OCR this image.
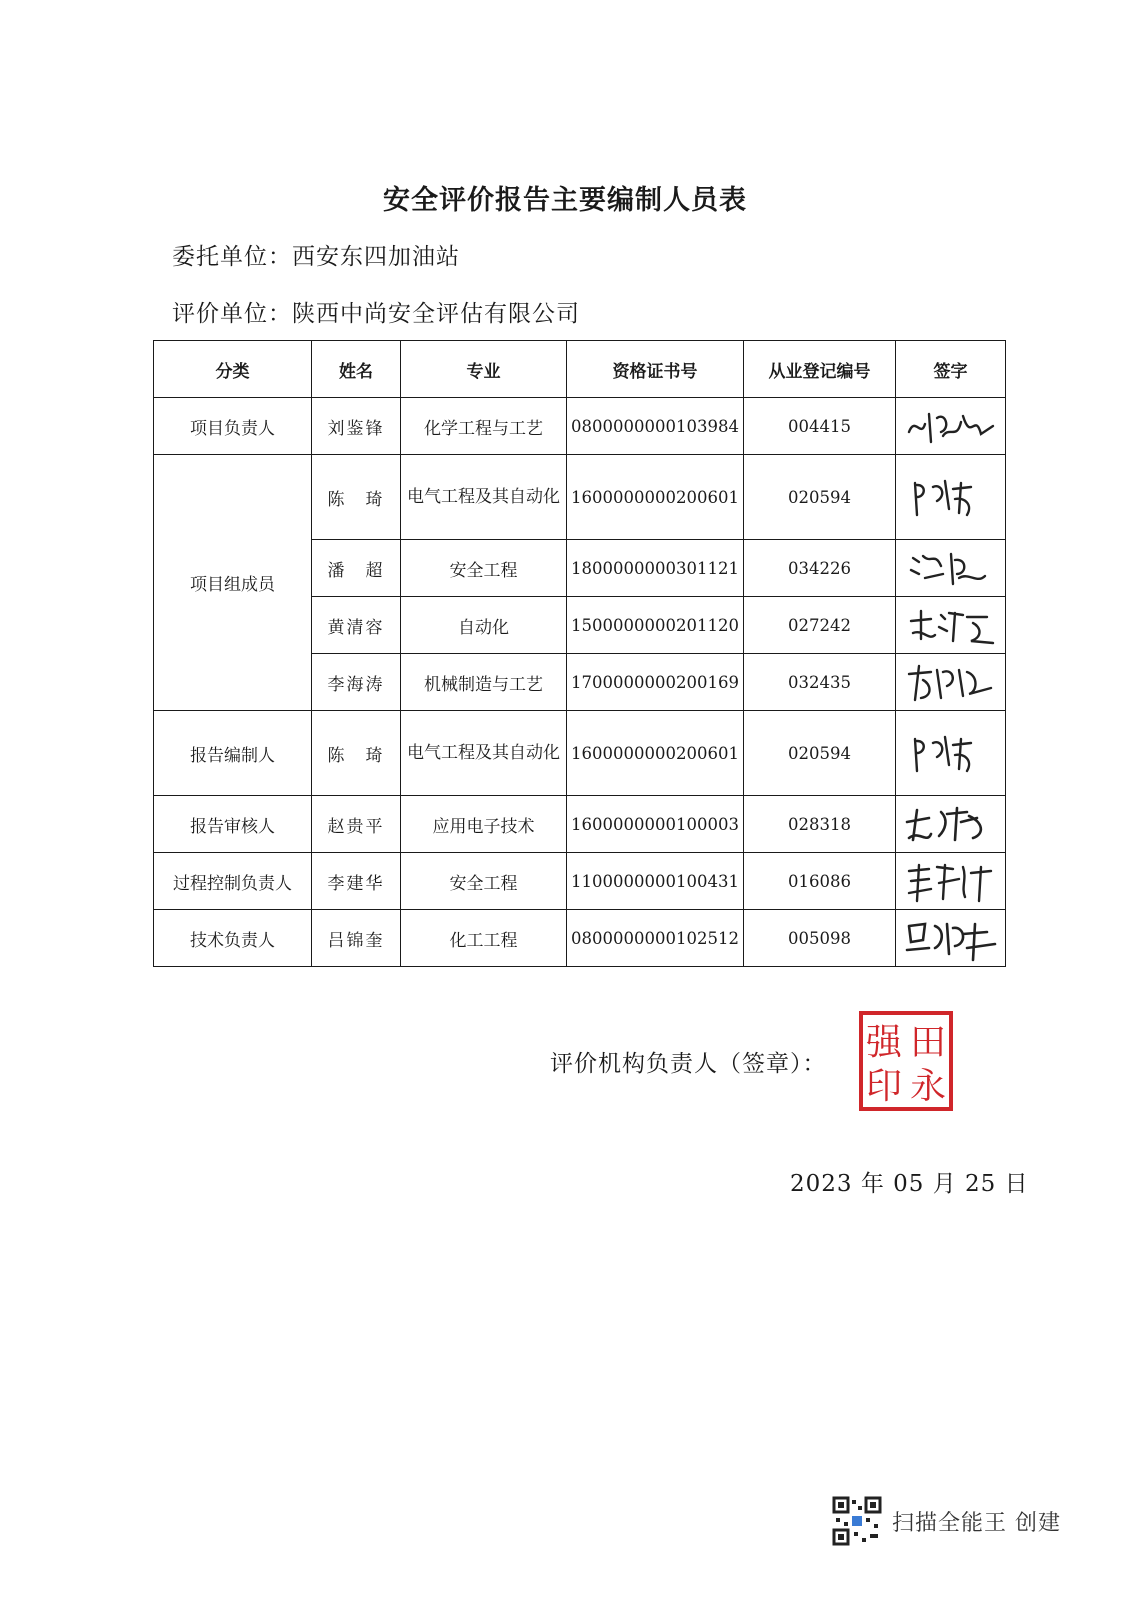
安全评价报告主要编制人员表
委托单位：西安东四加油站
评价单位：陕西中尚安全评估有限公司
分类	姓名	专业	资格证书号	从业登记编号	签字
项目负责人	刘鉴锋	化学工程与工艺	0800000000103984	004415	

项目组成员	陈　琦	电气工程及其自动化	1600000000200601	020594	

	潘　超	安全工程	1800000000301121	034226	

	黄清容	自动化	1500000000201120	027242	

	李海涛	机械制造与工艺	1700000000200169	032435	

报告编制人	陈　琦	电气工程及其自动化	1600000000200601	020594	

报告审核人	赵贵平	应用电子技术	1600000000100003	028318	

过程控制负责人	李建华	安全工程	1100000000100431	016086	

技术负责人	吕锦奎	化工工程	0800000000102512	005098	
评价机构负责人（签章）：
强 田
印 永
2023 年 05 月 25 日
扫描全能王 创建
